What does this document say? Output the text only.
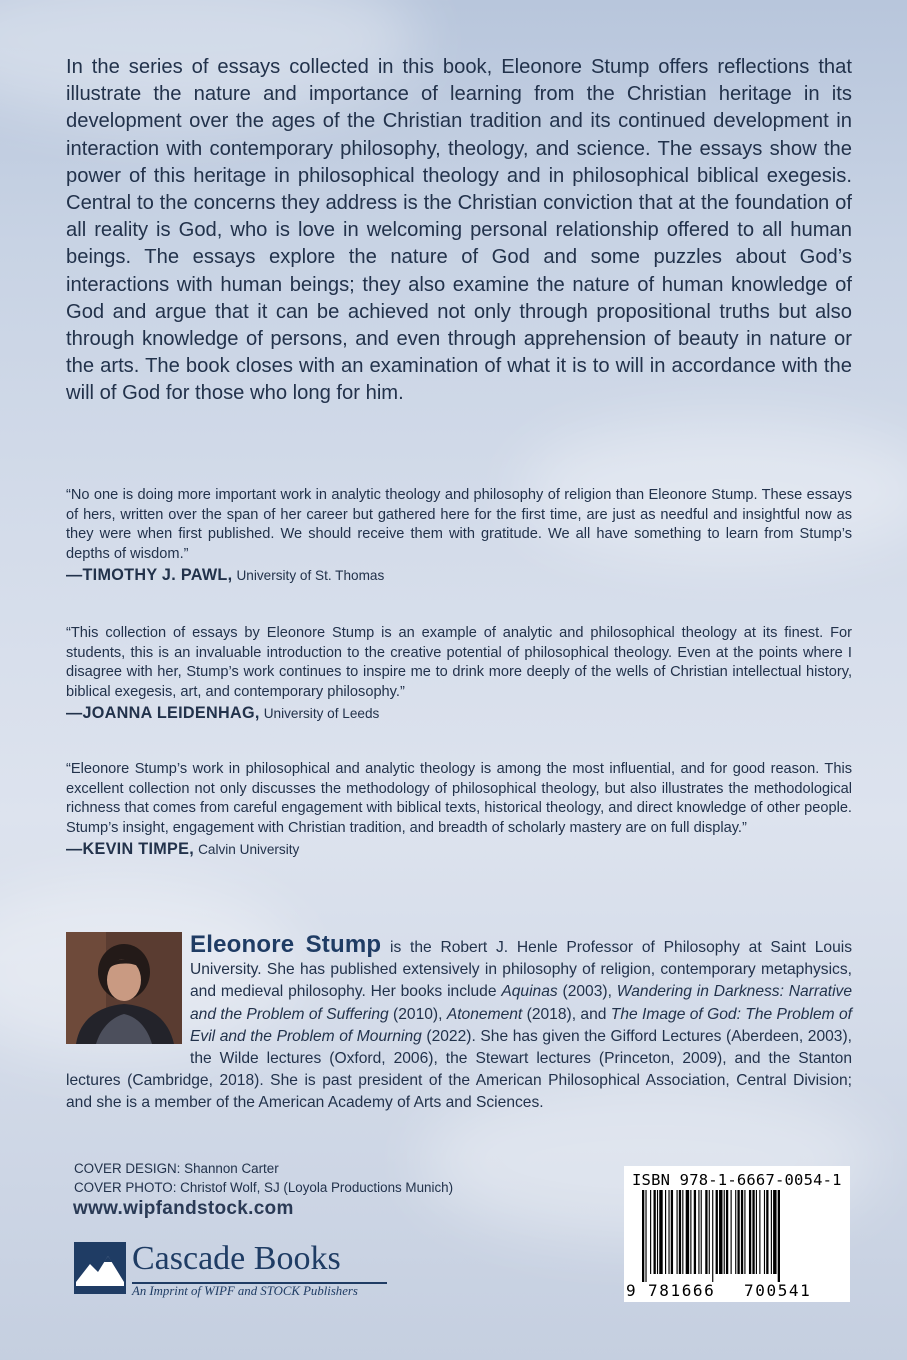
In the series of essays collected in this book, Eleonore Stump offers reflections that illustrate the nature and importance of learning from the Christian heritage in its development over the ages of the Christian tradition and its continued development in interaction with contemporary philosophy, theology, and science. The essays show the power of this heritage in philosophical theology and in philosophical biblical exegesis. Central to the concerns they address is the Christian conviction that at the foundation of all reality is God, who is love in welcoming personal relationship offered to all human beings. The essays explore the nature of God and some puzzles about God’s interactions with human beings; they also examine the nature of human knowledge of God and argue that it can be achieved not only through propositional truths but also through knowledge of persons, and even through apprehension of beauty in nature or the arts. The book closes with an examination of what it is to will in accordance with the will of God for those who long for him.
“No one is doing more important work in analytic theology and philosophy of religion than Eleonore Stump. These essays of hers, written over the span of her career but gathered here for the first time, are just as needful and insightful now as they were when first published. We should receive them with gratitude. We all have something to learn from Stump’s depths of wisdom.”
—TIMOTHY J. PAWL, University of St. Thomas
“This collection of essays by Eleonore Stump is an example of analytic and philosophical theology at its finest. For students, this is an invaluable introduction to the creative potential of philosophical theology. Even at the points where I disagree with her, Stump’s work continues to inspire me to drink more deeply of the wells of Christian intellectual history, biblical exegesis, art, and contemporary philosophy.”
—JOANNA LEIDENHAG, University of Leeds
“Eleonore Stump’s work in philosophical and analytic theology is among the most influential, and for good reason. This excellent collection not only discusses the methodology of philosophical theology, but also illustrates the methodological richness that comes from careful engagement with biblical texts, historical theology, and direct knowledge of other people. Stump’s insight, engagement with Christian tradition, and breadth of scholarly mastery are on full display.”
—KEVIN TIMPE, Calvin University
Eleonore Stump is the Robert J. Henle Professor of Philosophy at Saint Louis University. She has published extensively in philosophy of religion, contemporary metaphysics, and medieval philosophy. Her books include Aquinas (2003), Wandering in Darkness: Narrative and the Problem of Suffering (2010), Atonement (2018), and The Image of God: The Problem of Evil and the Problem of Mourning (2022). She has given the Gifford Lectures (Aberdeen, 2003), the Wilde lectures (Oxford, 2006), the Stewart lectures (Princeton, 2009), and the Stanton lectures (Cambridge, 2018). She is past president of the American Philosophical Association, Central Division; and she is a member of the American Academy of Arts and Sciences.
COVER DESIGN: Shannon Carter
COVER PHOTO: Christof Wolf, SJ (Loyola Productions Munich)
www.wipfandstock.com
Cascade Books
An Imprint of WIPF and STOCK Publishers
ISBN 978-1-6667-0054-1
9 781666 700541
